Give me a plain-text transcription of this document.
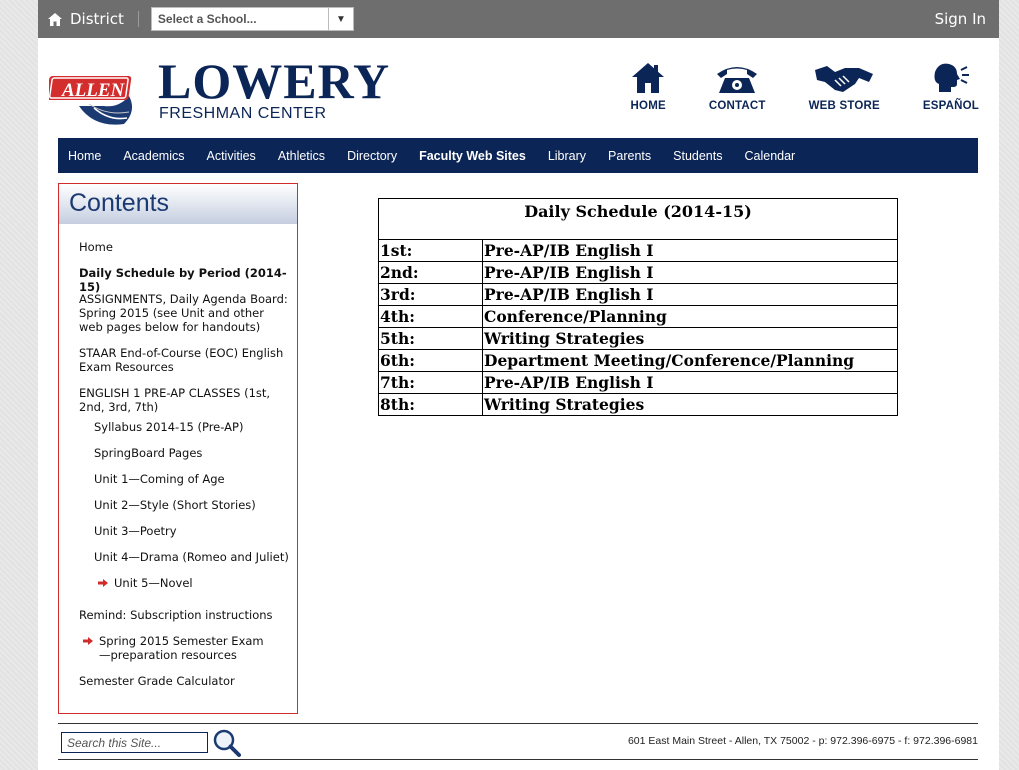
District	Select a School...	▼	Sign In
ALLEN LOWERY
FRESHMAN CENTER	HOME	CONTACT	WEB STORE	ESPAÑOL
Home Academics Activities Athletics Directory Faculty Web Sites Library Parents Students Calendar
Contents
Home
Daily Schedule by Period (2014-15)
ASSIGNMENTS, Daily Agenda Board: Spring 2015 (see Unit and other web pages below for handouts)
STAAR End-of-Course (EOC) English Exam Resources
ENGLISH 1 PRE-AP CLASSES (1st, 2nd, 3rd, 7th)
Syllabus 2014-15 (Pre-AP)
SpringBoard Pages
Unit 1—Coming of Age
Unit 2—Style (Short Stories)
Unit 3—Poetry
Unit 4—Drama (Romeo and Juliet)
Unit 5—Novel
Remind: Subscription instructions
Spring 2015 Semester Exam—preparation resources
Semester Grade Calculator
Daily Schedule (2014-15)	
1st:	Pre-AP/IB English I
2nd:	Pre-AP/IB English I
3rd:	Pre-AP/IB English I
4th:	Conference/Planning
5th:	Writing Strategies
6th:	Department Meeting/Conference/Planning
7th:	Pre-AP/IB English I
8th:	Writing Strategies
Search this Site...	601 East Main Street - Allen, TX 75002 - p: 972.396-6975 - f: 972.396-6981
